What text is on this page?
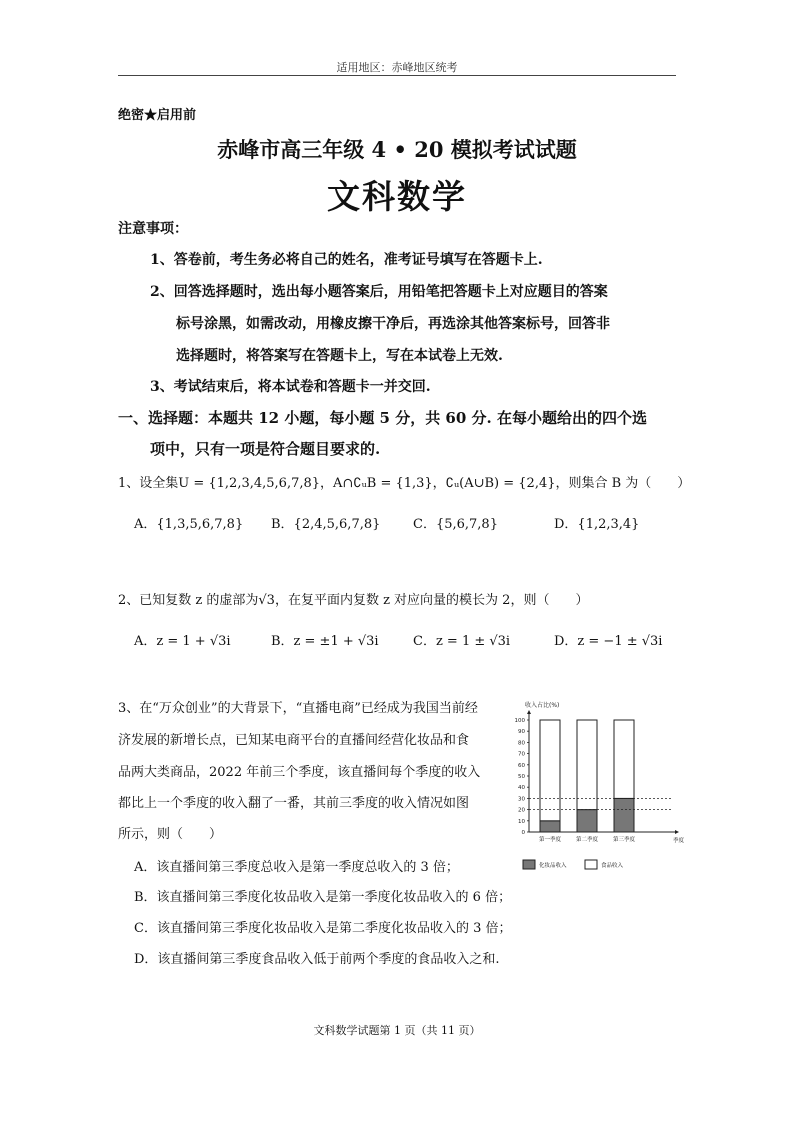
适用地区：赤峰地区统考
绝密★启用前
赤峰市高三年级 4 • 20 模拟考试试题
文科数学
注意事项：
1、答卷前，考生务必将自己的姓名，准考证号填写在答题卡上.
2、回答选择题时，选出每小题答案后，用铅笔把答题卡上对应题目的答案
标号涂黑，如需改动，用橡皮擦干净后，再选涂其他答案标号，回答非
选择题时，将答案写在答题卡上，写在本试卷上无效.
3、考试结束后，将本试卷和答题卡一并交回.
一、选择题：本题共 12 小题，每小题 5 分，共 60 分. 在每小题给出的四个选
项中，只有一项是符合题目要求的.
1、设全集U = {1,2,3,4,5,6,7,8}，A∩∁ᵤB = {1,3}，∁ᵤ(A∪B) = {2,4}，则集合 B 为（　　）
A．{1,3,5,6,7,8} B．{2,4,5,6,7,8}	C．{5,6,7,8}	D．{1,2,3,4}
2、已知复数 z 的虚部为√3，在复平面内复数 z 对应向量的模长为 2，则（　　）
A．z = 1 + √3i	B．z = ±1 + √3i	C．z = 1 ± √3i	D．z = −1 ± √3i
3、在“万众创业”的大背景下，“直播电商”已经成为我国当前经
济发展的新增长点，已知某电商平台的直播间经营化妆品和食
品两大类商品，2022 年前三个季度，该直播间每个季度的收入
都比上一个季度的收入翻了一番，其前三季度的收入情况如图
所示，则（　　）
A．该直播间第三季度总收入是第一季度总收入的 3 倍；
B．该直播间第三季度化妆品收入是第一季度化妆品收入的 6 倍；
C．该直播间第三季度化妆品收入是第二季度化妆品收入的 3 倍；
D．该直播间第三季度食品收入低于前两个季度的食品收入之和.
收入占比(%)
0
10
20
30
40
50
60
70
80
90
100
第一季度	第二季度	第三季度	季度
化妆品收入	食品收入
文科数学试题第 1 页（共 11 页）
